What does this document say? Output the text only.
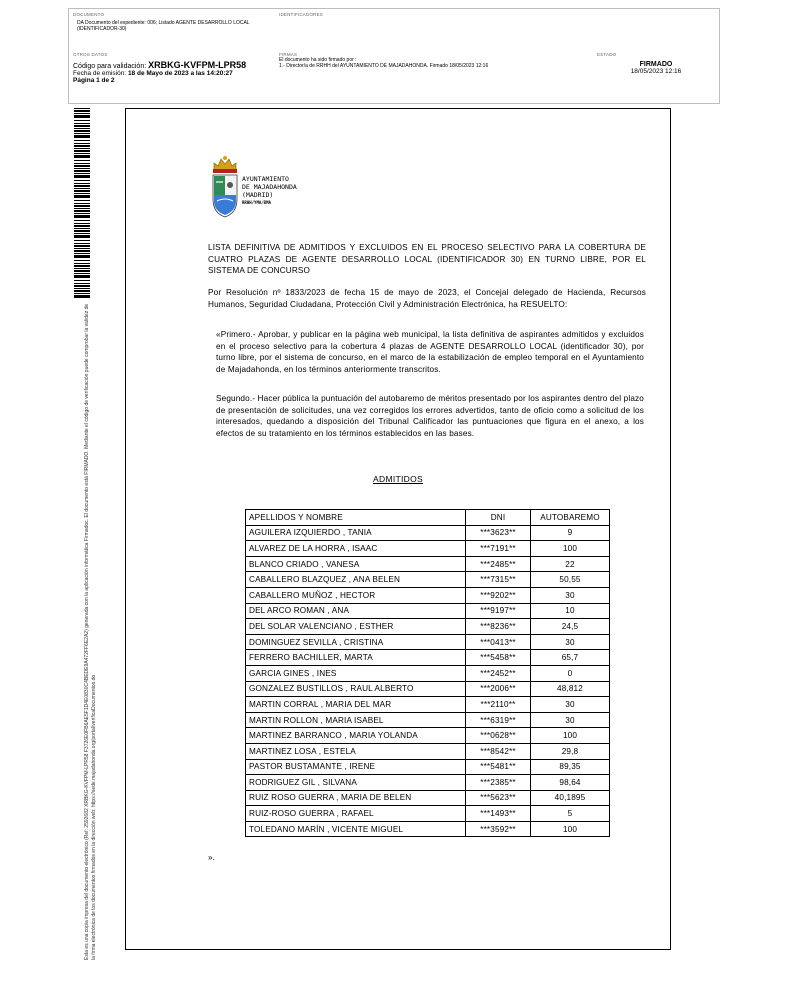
DOCUMENTO
DA Documento del expediente: 006; Listado AGENTE DESARROLLO LOCAL (IDENTIFICADOR-30)
IDENTIFICADORES
OTROS DATOS
Código para validación: XRBKG-KVFPM-LPR58
Fecha de emisión: 18 de Mayo de 2023 a las 14:20:27
Página 1 de 2
FIRMAS
El documento ha sido firmado por :
1.- Director/a de RRHH del AYUNTAMIENTO DE MAJADAHONDA. Firmado 18/05/2023 12:16
ESTADO
FIRMADO
18/05/2023 12:16
Esta es una copia impresa del documento electrónico (Ref: 2592682 XRBKG-KVFPM-LPR58 F3726E0FB6AE5F1D4E0830C4BEDE9A472FF6E2A2) generada con la aplicación informática Firmadoc. El documento está FIRMADO. Mediante el código de verificación puede comprobar la validez de la firma electrónica de los documentos firmados en la dirección web: https://sede.majadahonda.org/portal/verificaDocumentos.do
AYUNTAMIENTO
DE MAJADAHONDA
(MADRID)
RRHH/YMA/BMA
LISTA DEFINITIVA DE ADMITIDOS Y EXCLUIDOS EN EL PROCESO SELECTIVO PARA LA COBERTURA DE CUATRO PLAZAS DE AGENTE DESARROLLO LOCAL (IDENTIFICADOR 30) EN TURNO LIBRE, POR EL SISTEMA DE CONCURSO
Por Resolución nº 1833/2023 de fecha 15 de mayo de 2023, el Concejal delegado de Hacienda, Recursos Humanos, Seguridad Ciudadana, Protección Civil y Administración Electrónica, ha RESUELTO:
«Primero.- Aprobar, y publicar en la página web municipal, la lista definitiva de aspirantes admitidos y excluidos en el proceso selectivo para la cobertura 4 plazas de AGENTE DESARROLLO LOCAL (identificador 30), por turno libre, por el sistema de concurso, en el marco de la estabilización de empleo temporal en el Ayuntamiento de Majadahonda, en los términos anteriormente transcritos.
Segundo.- Hacer pública la puntuación del autobaremo de méritos presentado por los aspirantes dentro del plazo de presentación de solicitudes, una vez corregidos los errores advertidos, tanto de oficio como a solicitud de los interesados, quedando a disposición del Tribunal Calificador las puntuaciones que figura en el anexo, a los efectos de su tratamiento en los términos establecidos en las bases.
ADMITIDOS
APELLIDOS Y NOMBRE	DNI	AUTOBAREMO
AGUILERA IZQUIERDO , TANIA	***3623**	9
ALVAREZ DE LA HORRA , ISAAC	***7191**	100
BLANCO CRIADO , VANESA	***2485**	22
CABALLERO BLAZQUEZ , ANA BELEN	***7315**	50,55
CABALLERO MUÑOZ , HECTOR	***9202**	30
DEL ARCO ROMAN , ANA	***9197**	10
DEL SOLAR VALENCIANO , ESTHER	***8236**	24,5
DOMINGUEZ SEVILLA , CRISTINA	***0413**	30
FERRERO BACHILLER, MARTA	***5458**	65,7
GARCIA GINES , INES	***2452**	0
GONZALEZ BUSTILLOS , RAUL ALBERTO	***2006**	48,812
MARTIN CORRAL , MARIA DEL MAR	***2110**	30
MARTIN ROLLON , MARIA ISABEL	***6319**	30
MARTINEZ BARRANCO , MARIA YOLANDA	***0628**	100
MARTINEZ LOSA , ESTELA	***8542**	29,8
PASTOR BUSTAMANTE , IRENE	***5481**	89,35
RODRIGUEZ GIL , SILVANA	***2385**	98,64
RUIZ ROSO GUERRA , MARIA DE BELEN	***5623**	40,1895
RUIZ-ROSO GUERRA , RAFAEL	***1493**	5
TOLEDANO MARÍN , VICENTE MIGUEL	***3592**	100
».
